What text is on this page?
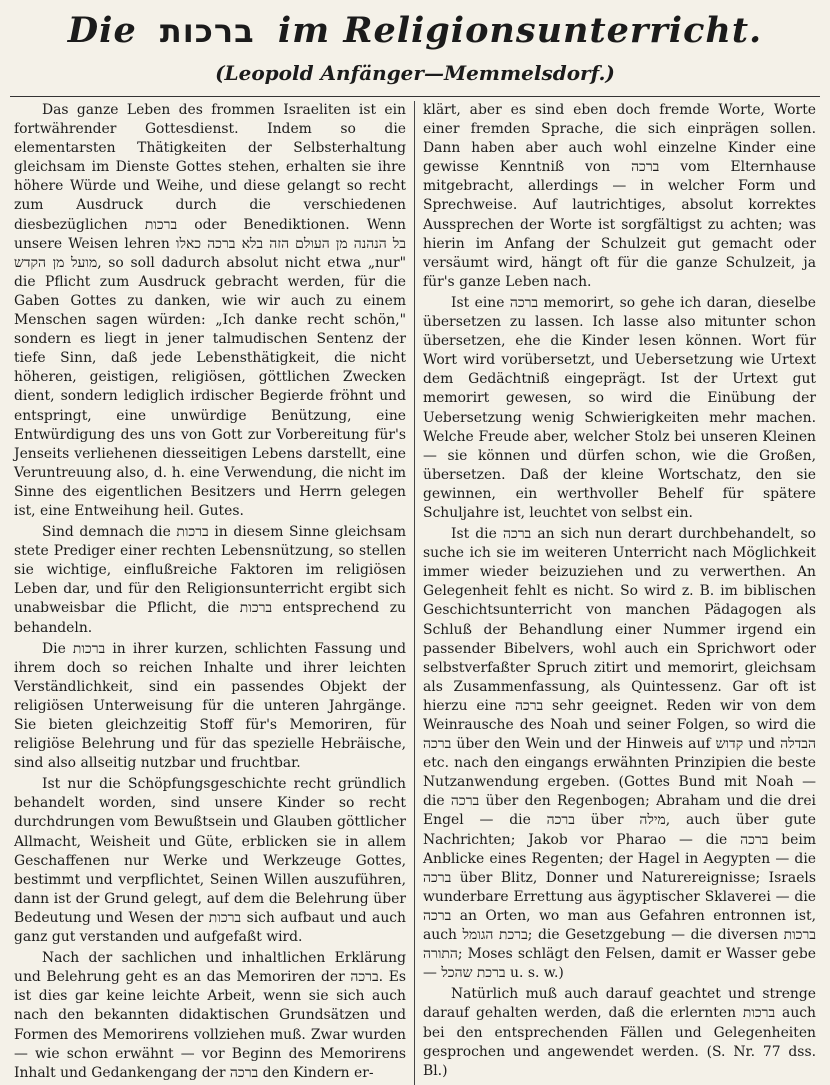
Die ברכות im Religionsunterricht.
(Leopold Anfänger—Memmelsdorf.)

Das ganze Leben des frommen Israeliten ist ein fortwährender Gottesdienst. Indem so die elementarsten Thätigkeiten der Selbsterhaltung gleichsam im Dienste Gottes stehen, erhalten sie ihre höhere Würde und Weihe, und diese gelangt so recht zum Ausdruck durch die verschiedenen diesbezüglichen ברכות oder Benediktionen. Wenn unsere Weisen lehren בל הנהנה מן העולם הזה בלא ברכה כאלו מועל מן הקדש, so soll dadurch absolut nicht etwa „nur" die Pflicht zum Ausdruck gebracht werden, für die Gaben Gottes zu danken, wie wir auch zu einem Menschen sagen würden: „Ich danke recht schön," sondern es liegt in jener talmudischen Sentenz der tiefe Sinn, daß jede Lebensthätigkeit, die nicht höheren, geistigen, religiösen, göttlichen Zwecken dient, sondern lediglich irdischer Begierde fröhnt und entspringt, eine unwürdige Benützung, eine Entwürdigung des uns von Gott zur Vorbereitung für's Jenseits verliehenen diesseitigen Lebens darstellt, eine Veruntreuung also, d. h. eine Verwendung, die nicht im Sinne des eigentlichen Besitzers und Herrn gelegen ist, eine Entweihung heil. Gutes.

Sind demnach die ברכות in diesem Sinne gleichsam stete Prediger einer rechten Lebensnützung, so stellen sie wichtige, einflußreiche Faktoren im religiösen Leben dar, und für den Religionsunterricht ergibt sich unabweisbar die Pflicht, die ברכות entsprechend zu behandeln.

Die ברכות in ihrer kurzen, schlichten Fassung und ihrem doch so reichen Inhalte und ihrer leichten Verständlichkeit, sind ein passendes Objekt der religiösen Unterweisung für die unteren Jahrgänge. Sie bieten gleichzeitig Stoff für's Memoriren, für religiöse Belehrung und für das spezielle Hebräische, sind also allseitig nutzbar und fruchtbar.

Ist nur die Schöpfungsgeschichte recht gründlich behandelt worden, sind unsere Kinder so recht durchdrungen vom Bewußtsein und Glauben göttlicher Allmacht, Weisheit und Güte, erblicken sie in allem Geschaffenen nur Werke und Werkzeuge Gottes, bestimmt und verpflichtet, Seinen Willen auszuführen, dann ist der Grund gelegt, auf dem die Belehrung über Bedeutung und Wesen der ברכות sich aufbaut und auch ganz gut verstanden und aufgefaßt wird.

Nach der sachlichen und inhaltlichen Erklärung und Belehrung geht es an das Memoriren der ברכה. Es ist dies gar keine leichte Arbeit, wenn sie sich auch nach den bekannten didaktischen Grundsätzen und Formen des Memorirens vollziehen muß. Zwar wurden — wie schon erwähnt — vor Beginn des Memorirens Inhalt und Gedankengang der ברכה den Kindern er-

klärt, aber es sind eben doch fremde Worte, Worte einer fremden Sprache, die sich einprägen sollen. Dann haben aber auch wohl einzelne Kinder eine gewisse Kenntniß von ברכה vom Elternhause mitgebracht, allerdings — in welcher Form und Sprechweise. Auf lautrichtiges, absolut korrektes Aussprechen der Worte ist sorgfältigst zu achten; was hierin im Anfang der Schulzeit gut gemacht oder versäumt wird, hängt oft für die ganze Schulzeit, ja für's ganze Leben nach.

Ist eine ברכה memorirt, so gehe ich daran, dieselbe übersetzen zu lassen. Ich lasse also mitunter schon übersetzen, ehe die Kinder lesen können. Wort für Wort wird vorübersetzt, und Uebersetzung wie Urtext dem Gedächtniß eingeprägt. Ist der Urtext gut memorirt gewesen, so wird die Einübung der Uebersetzung wenig Schwierigkeiten mehr machen. Welche Freude aber, welcher Stolz bei unseren Kleinen — sie können und dürfen schon, wie die Großen, übersetzen. Daß der kleine Wortschatz, den sie gewinnen, ein werthvoller Behelf für spätere Schuljahre ist, leuchtet von selbst ein.

Ist die ברכה an sich nun derart durchbehandelt, so suche ich sie im weiteren Unterricht nach Möglichkeit immer wieder beizuziehen und zu verwerthen. An Gelegenheit fehlt es nicht. So wird z. B. im biblischen Geschichtsunterricht von manchen Pädagogen als Schluß der Behandlung einer Nummer irgend ein passender Bibelvers, wohl auch ein Sprichwort oder selbstverfaßter Spruch zitirt und memorirt, gleichsam als Zusammenfassung, als Quintessenz. Gar oft ist hierzu eine ברכה sehr geeignet. Reden wir von dem Weinrausche des Noah und seiner Folgen, so wird die ברכה über den Wein und der Hinweis auf קדוש und הבדלה etc. nach den eingangs erwähnten Prinzipien die beste Nutzanwendung ergeben. (Gottes Bund mit Noah — die ברכה über den Regenbogen; Abraham und die drei Engel — die ברכה über מילה, auch über gute Nachrichten; Jakob vor Pharao — die ברכה beim Anblicke eines Regenten; der Hagel in Aegypten — die ברכה über Blitz, Donner und Naturereignisse; Israels wunderbare Errettung aus ägyptischer Sklaverei — die ברכה an Orten, wo man aus Gefahren entronnen ist, auch ברכת הגומל; die Gesetzgebung — die diversen ברכות התורה; Moses schlägt den Felsen, damit er Wasser gebe — ברכת שהכל u. s. w.)

Natürlich muß auch darauf geachtet und strenge darauf gehalten werden, daß die erlernten ברכות auch bei den entsprechenden Fällen und Gelegenheiten gesprochen und angewendet werden. (S. Nr. 77 dss. Bl.)
